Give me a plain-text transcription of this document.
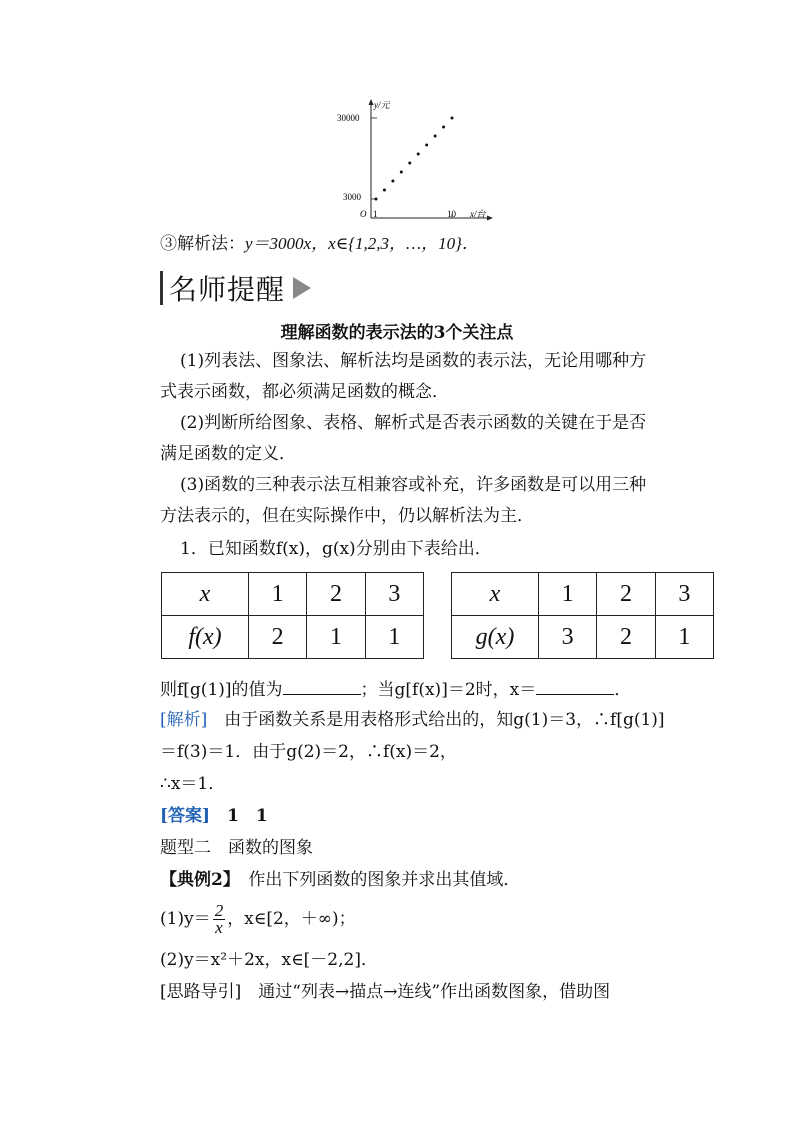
y/元
x/台
O
30000
3000
1	10
③解析法：y＝3000x，x∈{1,2,3，…，10}．
名师提醒
理解函数的表示法的3个关注点
(1)列表法、图象法、解析法均是函数的表示法，无论用哪种方
式表示函数，都必须满足函数的概念．
(2)判断所给图象、表格、解析式是否表示函数的关键在于是否
满足函数的定义．
(3)函数的三种表示法互相兼容或补充，许多函数是可以用三种
方法表示的，但在实际操作中，仍以解析法为主．
1．已知函数f(x)，g(x)分别由下表给出．
x	1	2	3
f(x)	2	1	1
x	1	2	3
g(x)	3	2	1
则f[g(1)]的值为	；当g[f(x)]＝2时，x＝	．
[解析]　由于函数关系是用表格形式给出的，知g(1)＝3，∴f[g(1)]
＝f(3)＝1．由于g(2)＝2，∴f(x)＝2，
∴x＝1．
[答案]　1　1
题型二　函数的图象
【典例2】　作出下列函数的图象并求出其值域．
$(1)y= \frac{2}{x}$ ，x∈[2，＋∞)；
(2)y＝x²＋2x，x∈[－2,2]．
[思路导引]　通过“列表→描点→连线”作出函数图象，借助图
